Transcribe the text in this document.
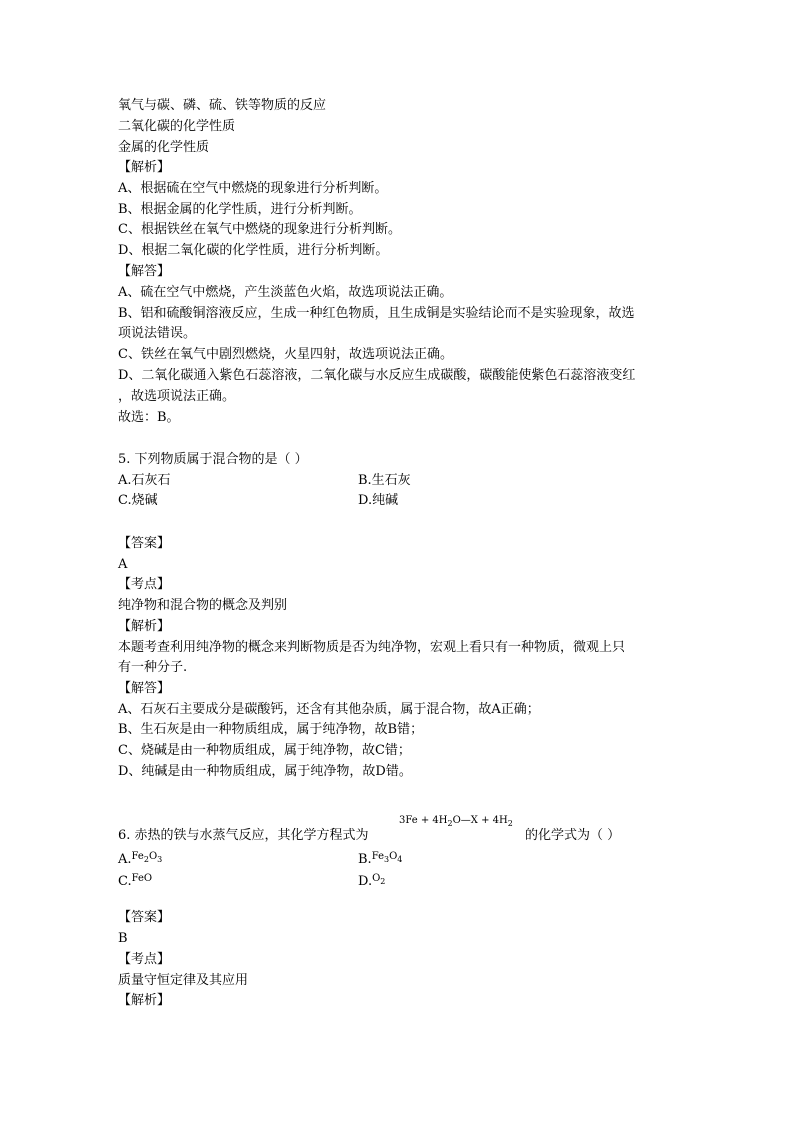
氧气与碳、磷、硫、铁等物质的反应
二氧化碳的化学性质
金属的化学性质
【解析】
A、根据硫在空气中燃烧的现象进行分析判断。
B、根据金属的化学性质，进行分析判断。
C、根据铁丝在氧气中燃烧的现象进行分析判断。
D、根据二氧化碳的化学性质，进行分析判断。
【解答】
A、硫在空气中燃烧，产生淡蓝色火焰，故选项说法正确。
B、铝和硫酸铜溶液反应，生成一种红色物质，且生成铜是实验结论而不是实验现象，故选
项说法错误。
C、铁丝在氧气中剧烈燃烧，火星四射，故选项说法正确。
D、二氧化碳通入紫色石蕊溶液，二氧化碳与水反应生成碳酸，碳酸能使紫色石蕊溶液变红
，故选项说法正确。
故选：B。
5. 下列物质属于混合物的是（ ）
A.石灰石	B.生石灰
C.烧碱	D.纯碱
【答案】
A
【考点】
纯净物和混合物的概念及判别
【解析】
本题考查利用纯净物的概念来判断物质是否为纯净物，宏观上看只有一种物质，微观上只
有一种分子.
【解答】
A、石灰石主要成分是碳酸钙，还含有其他杂质，属于混合物，故A正确；
B、生石灰是由一种物质组成，属于纯净物，故B错；
C、烧碱是由一种物质组成，属于纯净物，故C错；
D、纯碱是由一种物质组成，属于纯净物，故D错。
6. 赤热的铁与水蒸气反应，其化学方程式为
$3Fe + 4H_2O—X + 4H_2$
的化学式为（ ）
A.$^{Fe_2O_3}$	B.$^{Fe_3O_4}$
C.$^{FeO}$	D.$^{O_2}$
【答案】
B
【考点】
质量守恒定律及其应用
【解析】
